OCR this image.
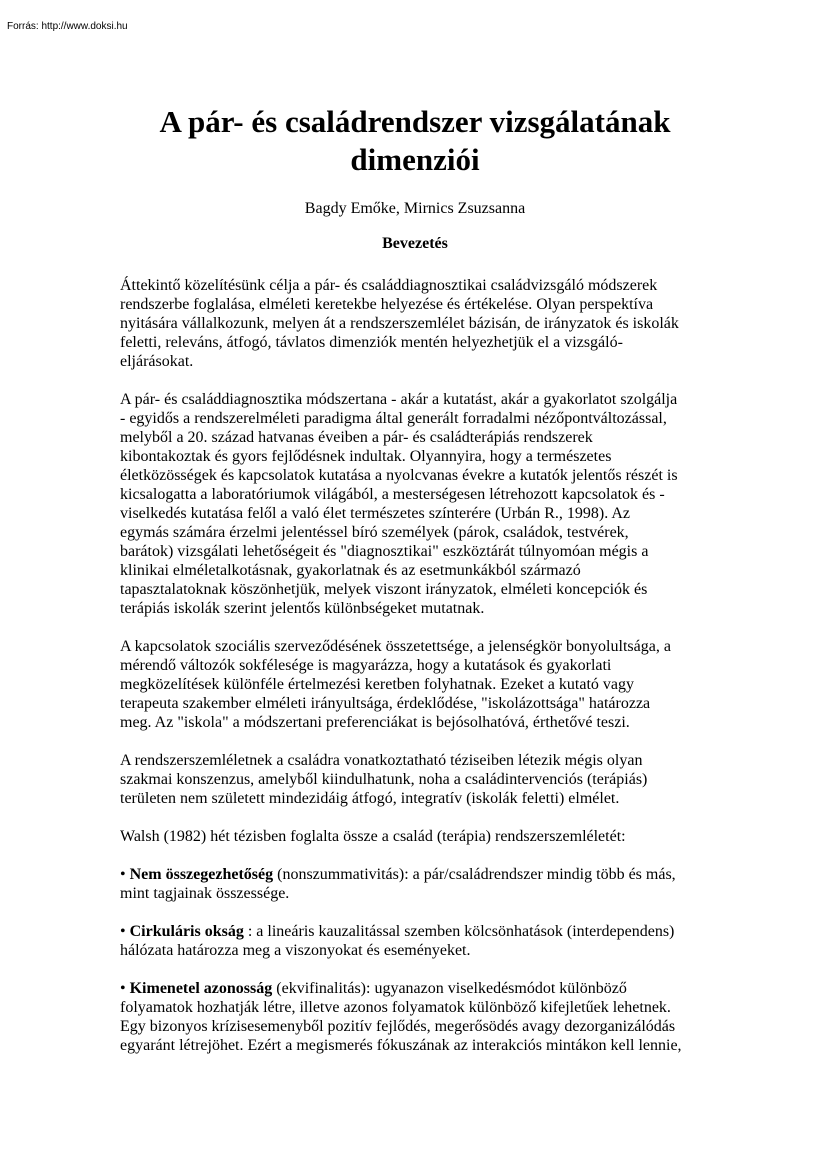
Forrás: http://www.doksi.hu
A pár- és családrendszer vizsgálatának
dimenziói
Bagdy Emőke, Mirnics Zsuzsanna
Bevezetés

Áttekintő közelítésünk célja a pár- és családdiagnosztikai családvizsgáló módszerek
rendszerbe foglalása, elméleti keretekbe helyezése és értékelése. Olyan perspektíva
nyitására vállalkozunk, melyen át a rendszerszemlélet bázisán, de irányzatok és iskolák
feletti, releváns, átfogó, távlatos dimenziók mentén helyezhetjük el a vizsgáló-
eljárásokat.

A pár- és családdiagnosztika módszertana - akár a kutatást, akár a gyakorlatot szolgálja
- egyidős a rendszerelméleti paradigma által generált forradalmi nézőpontváltozással,
melyből a 20. század hatvanas éveiben a pár- és családterápiás rendszerek
kibontakoztak és gyors fejlődésnek indultak. Olyannyira, hogy a természetes
életközösségek és kapcsolatok kutatása a nyolcvanas évekre a kutatók jelentős részét is
kicsalogatta a laboratóriumok világából, a mesterségesen létrehozott kapcsolatok és -
viselkedés kutatása felől a való élet természetes színterére (Urbán R., 1998). Az
egymás számára érzelmi jelentéssel bíró személyek (párok, családok, testvérek,
barátok) vizsgálati lehetőségeit és "diagnosztikai" eszköztárát túlnyomóan mégis a
klinikai elméletalkotásnak, gyakorlatnak és az esetmunkákból származó
tapasztalatoknak köszönhetjük, melyek viszont irányzatok, elméleti koncepciók és
terápiás iskolák szerint jelentős különbségeket mutatnak.

A kapcsolatok szociális szerveződésének összetettsége, a jelenségkör bonyolultsága, a
mérendő változók sokfélesége is magyarázza, hogy a kutatások és gyakorlati
megközelítések különféle értelmezési keretben folyhatnak. Ezeket a kutató vagy
terapeuta szakember elméleti irányultsága, érdeklődése, "iskolázottsága" határozza
meg. Az "iskola" a módszertani preferenciákat is bejósolhatóvá, érthetővé teszi.

A rendszerszemléletnek a családra vonatkoztatható téziseiben létezik mégis olyan
szakmai konszenzus, amelyből kiindulhatunk, noha a családintervenciós (terápiás)
területen nem született mindezidáig átfogó, integratív (iskolák feletti) elmélet.

Walsh (1982) hét tézisben foglalta össze a család (terápia) rendszerszemléletét:

• Nem összegezhetőség (nonszummativitás): a pár/családrendszer mindig több és más,
mint tagjainak összessége.

• Cirkuláris okság : a lineáris kauzalitással szemben kölcsönhatások (interdependens)
hálózata határozza meg a viszonyokat és eseményeket.

• Kimenetel azonosság (ekvifinalitás): ugyanazon viselkedésmódot különböző
folyamatok hozhatják létre, illetve azonos folyamatok különböző kifejletűek lehetnek.
Egy bizonyos krízisesemenyből pozitív fejlődés, megerősödés avagy dezorganizálódás
egyaránt létrejöhet. Ezért a megismerés fókuszának az interakciós mintákon kell lennie,
